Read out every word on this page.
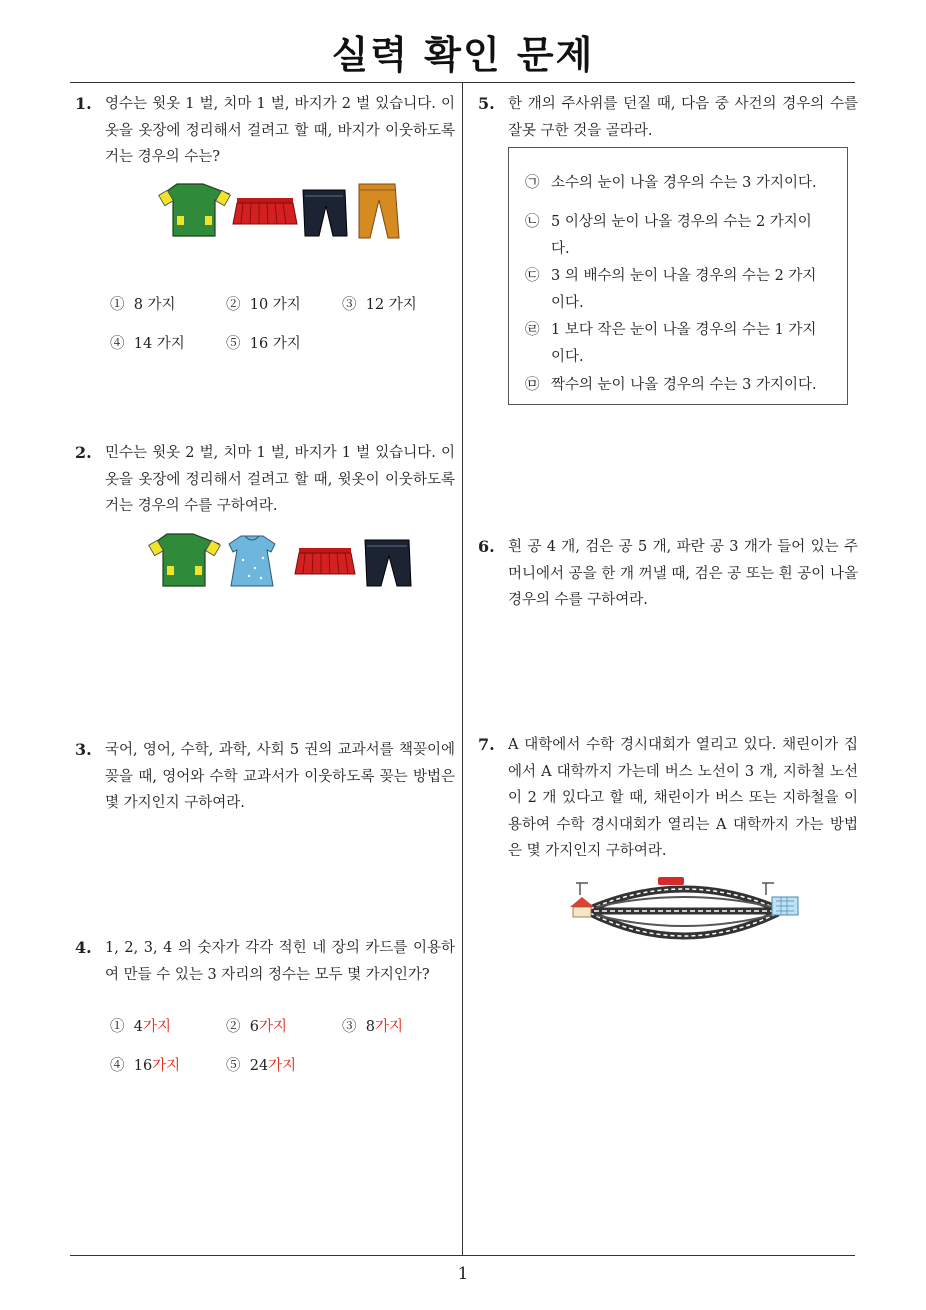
실력 확인 문제
1
1. 영수는 윗옷 1 벌, 치마 1 벌, 바지가 2 벌 있습니다. 이 옷을 옷장에 정리해서 걸려고 할 때, 바지가 이웃하도록 거는 경우의 수는?
① 8 가지	② 10 가지	③ 12 가지
④ 14 가지	⑤ 16 가지
2. 민수는 윗옷 2 벌, 치마 1 벌, 바지가 1 벌 있습니다. 이 옷을 옷장에 정리해서 걸려고 할 때, 윗옷이 이웃하도록 거는 경우의 수를 구하여라.
3. 국어, 영어, 수학, 과학, 사회 5 권의 교과서를 책꽂이에 꽂을 때, 영어와 수학 교과서가 이웃하도록 꽂는 방법은 몇 가지인지 구하여라.
4. 1, 2, 3, 4 의 숫자가 각각 적힌 네 장의 카드를 이용하여 만들 수 있는 3 자리의 정수는 모두 몇 가지인가?
① 4가지	② 6가지	③ 8가지
④ 16가지	⑤ 24가지
5. 한 개의 주사위를 던질 때, 다음 중 사건의 경우의 수를 잘못 구한 것을 골라라.
㉠ 소수의 눈이 나올 경우의 수는 3 가지이다.
㉡ 5 이상의 눈이 나올 경우의 수는 2 가지이다.
㉢ 3 의 배수의 눈이 나올 경우의 수는 2 가지이다.
㉣ 1 보다 작은 눈이 나올 경우의 수는 1 가지이다.
㉤ 짝수의 눈이 나올 경우의 수는 3 가지이다.
6. 흰 공 4 개, 검은 공 5 개, 파란 공 3 개가 들어 있는 주머니에서 공을 한 개 꺼낼 때, 검은 공 또는 흰 공이 나올 경우의 수를 구하여라.
7. A 대학에서 수학 경시대회가 열리고 있다. 채린이가 집에서 A 대학까지 가는데 버스 노선이 3 개, 지하철 노선이 2 개 있다고 할 때, 채린이가 버스 또는 지하철을 이용하여 수학 경시대회가 열리는 A 대학까지 가는 방법은 몇 가지인지 구하여라.
